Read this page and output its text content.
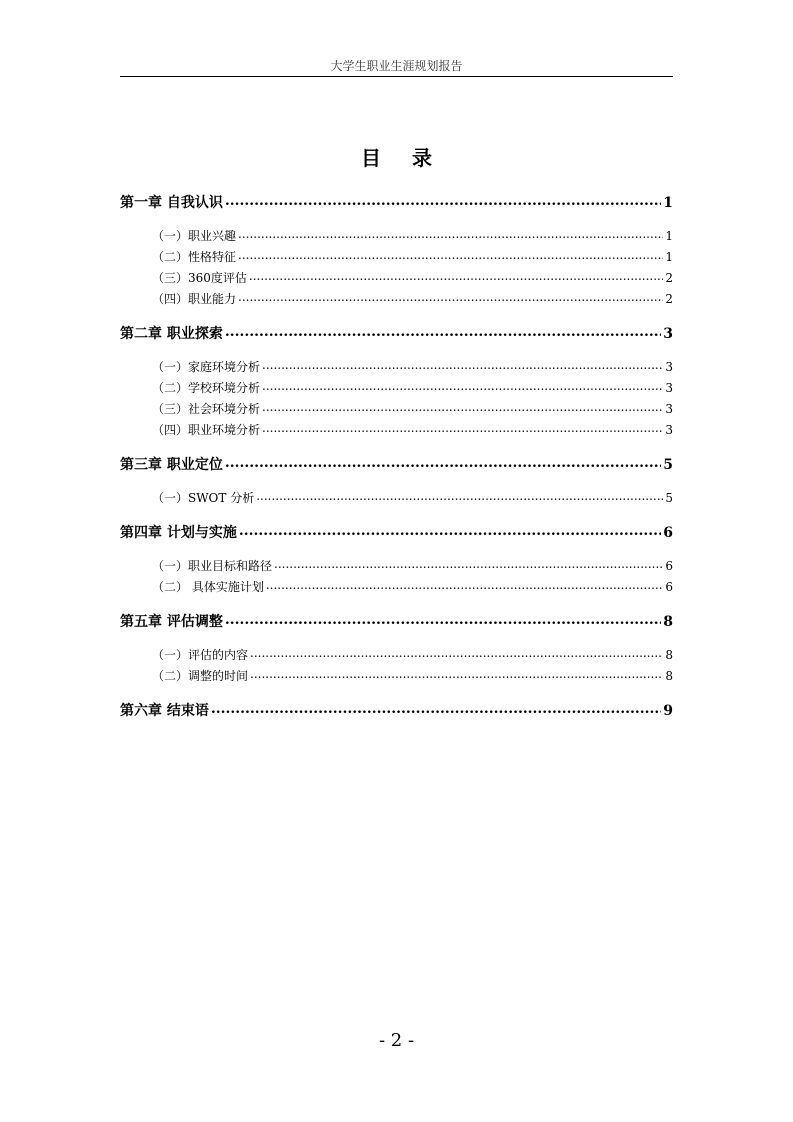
大学生职业生涯规划报告
目 录
第一章 自我认识 .....	1
（一）职业兴趣 .....	1
（二）性格特征 .....	1
（三）360度评估 .....	2
（四）职业能力 .....	2
第二章 职业探索 .....	3
（一）家庭环境分析 .....	3
（二）学校环境分析 .....	3
（三）社会环境分析 .....	3
（四）职业环境分析 .....	3
第三章 职业定位 .....	5
（一）SWOT 分析 .....	5
第四章 计划与实施 .....	6
（一）职业目标和路径 .....	6
（二） 具体实施计划 .....	6
第五章 评估调整 .....	8
（一）评估的内容 .....	8
（二）调整的时间 .....	8
第六章 结束语 .....	9
- 2 -
